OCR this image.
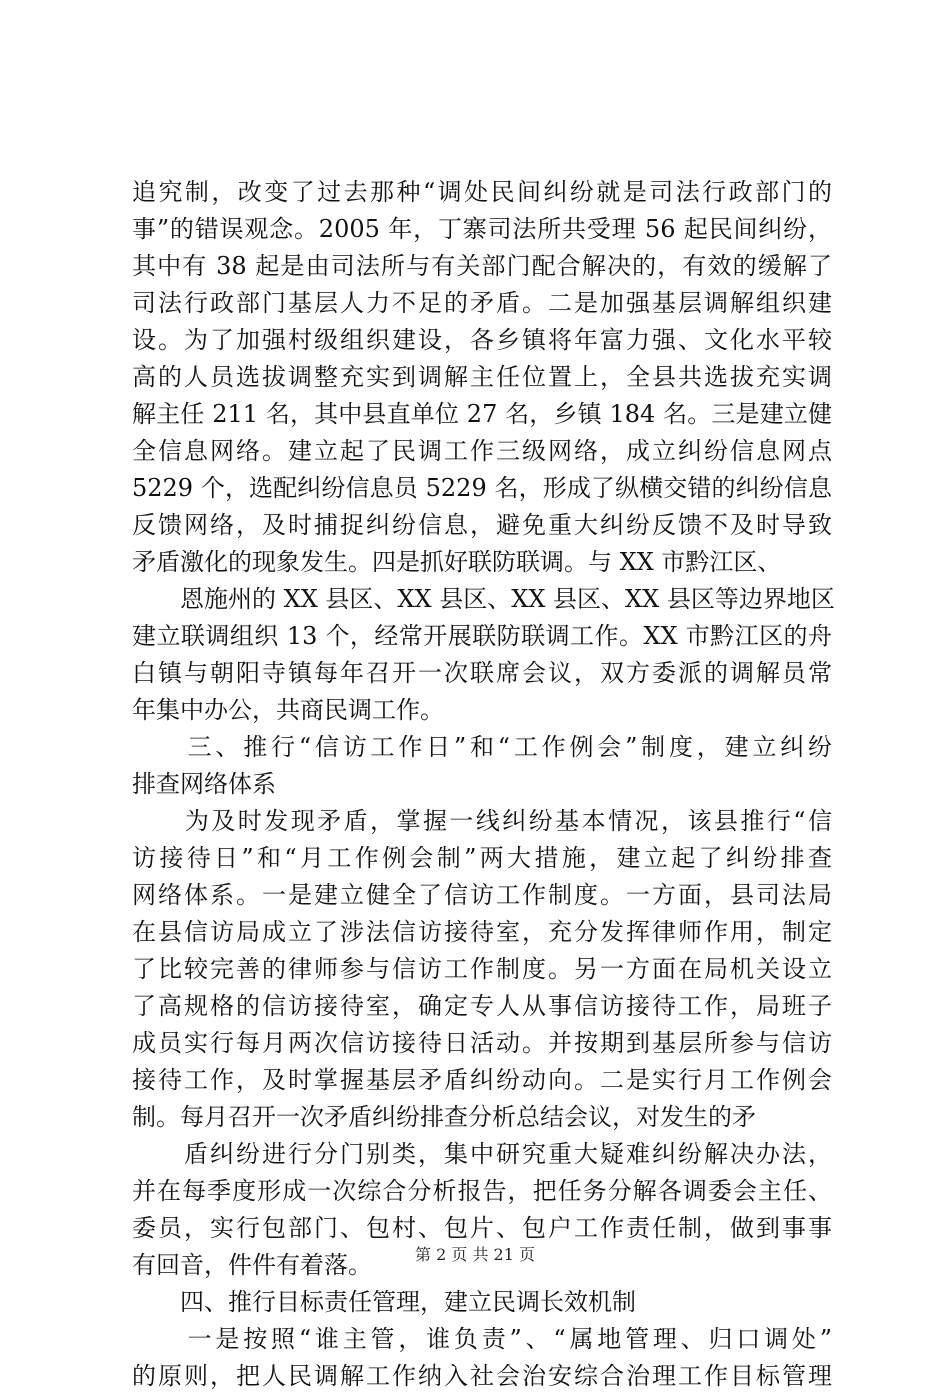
追究制，改变了过去那种“调处民间纠纷就是司法行政部门的
事”的错误观念。2005 年，丁寨司法所共受理 56 起民间纠纷，
其中有 38 起是由司法所与有关部门配合解决的，有效的缓解了
司法行政部门基层人力不足的矛盾。二是加强基层调解组织建
设。为了加强村级组织建设，各乡镇将年富力强、文化水平较
高的人员选拔调整充实到调解主任位置上，全县共选拔充实调
解主任 211 名，其中县直单位 27 名，乡镇 184 名。三是建立健
全信息网络。建立起了民调工作三级网络，成立纠纷信息网点
5229 个，选配纠纷信息员 5229 名，形成了纵横交错的纠纷信息
反馈网络，及时捕捉纠纷信息，避免重大纠纷反馈不及时导致
矛盾激化的现象发生。四是抓好联防联调。与 XX 市黔江区、
　　恩施州的 XX 县区、XX 县区、XX 县区、XX 县区等边界地区
建立联调组织 13 个，经常开展联防联调工作。XX 市黔江区的舟
白镇与朝阳寺镇每年召开一次联席会议，双方委派的调解员常
年集中办公，共商民调工作。
　　三、推行“信访工作日”和“工作例会”制度，建立纠纷
排查网络体系
　　为及时发现矛盾，掌握一线纠纷基本情况，该县推行“信
访接待日”和“月工作例会制”两大措施，建立起了纠纷排查
网络体系。一是建立健全了信访工作制度。一方面，县司法局
在县信访局成立了涉法信访接待室，充分发挥律师作用，制定
了比较完善的律师参与信访工作制度。另一方面在局机关设立
了高规格的信访接待室，确定专人从事信访接待工作，局班子
成员实行每月两次信访接待日活动。并按期到基层所参与信访
接待工作，及时掌握基层矛盾纠纷动向。二是实行月工作例会
制。每月召开一次矛盾纠纷排查分析总结会议，对发生的矛
　　盾纠纷进行分门别类，集中研究重大疑难纠纷解决办法，
并在每季度形成一次综合分析报告，把任务分解各调委会主任、
委员，实行包部门、包村、包片、包户工作责任制，做到事事
有回音，件件有着落。
　　四、推行目标责任管理，建立民调长效机制
　　一是按照“谁主管，谁负责”、“属地管理、归口调处”
的原则，把人民调解工作纳入社会治安综合治理工作目标管理
第 2 页 共 21 页
